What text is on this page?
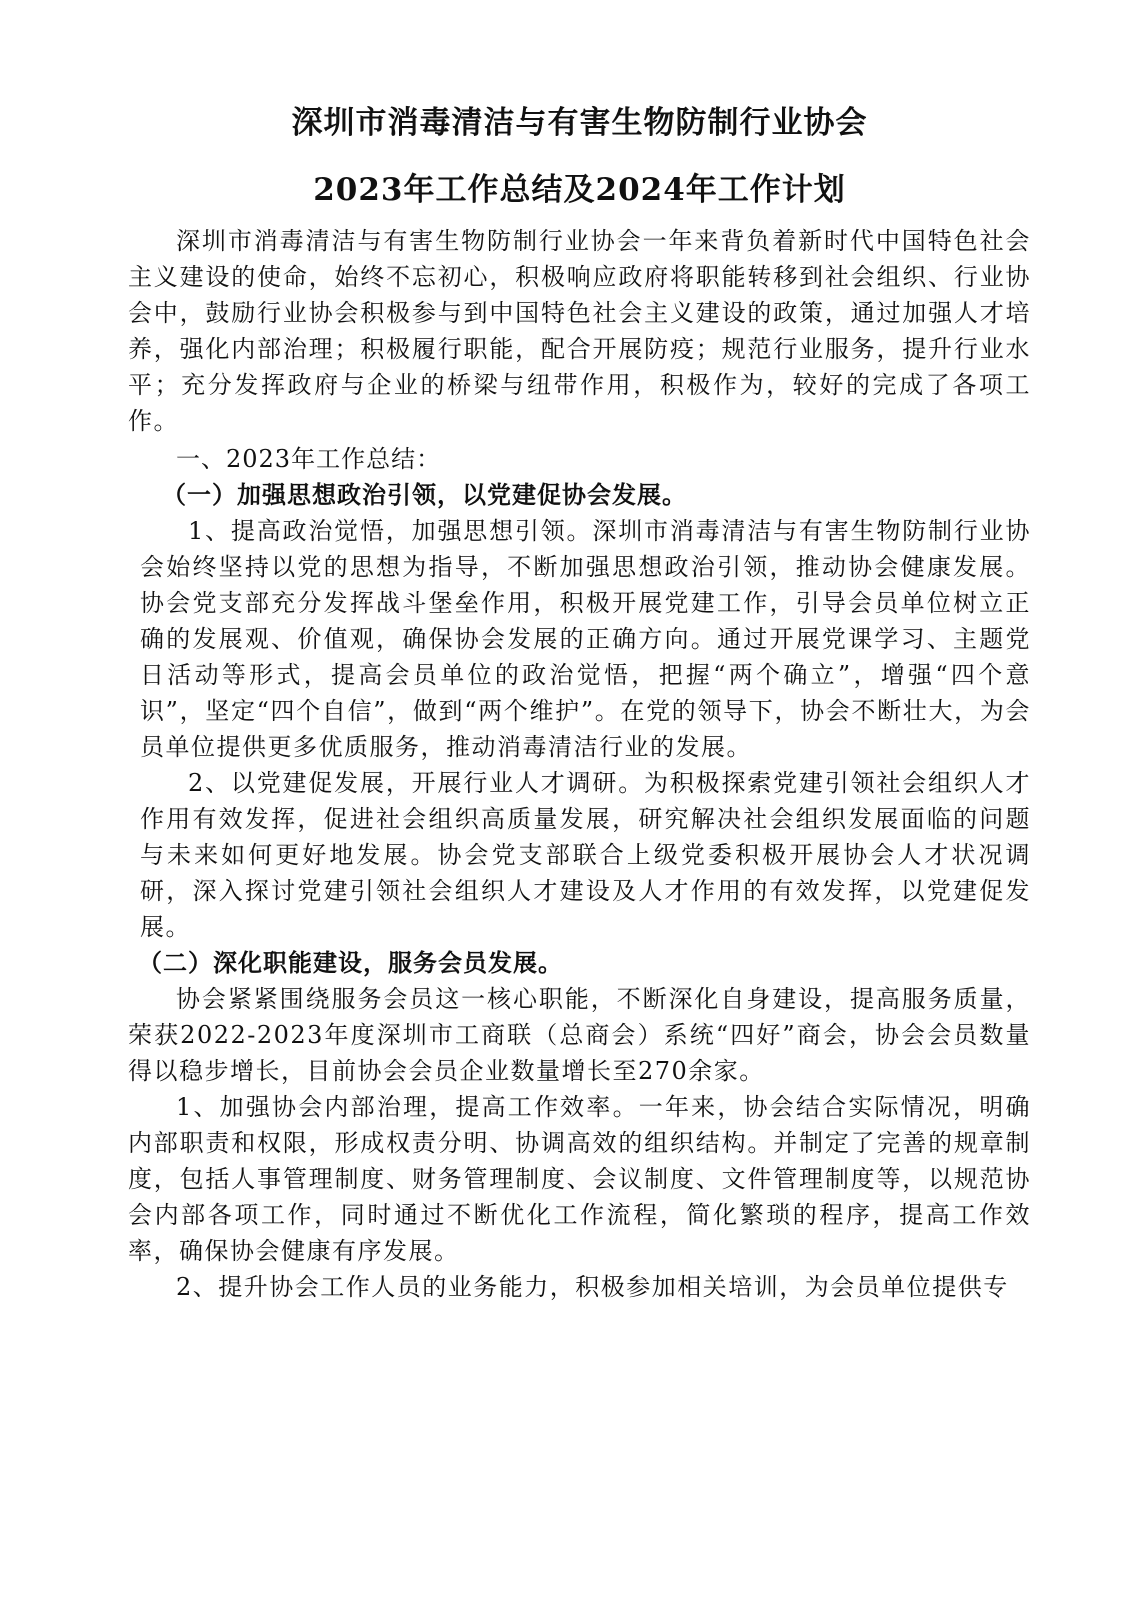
深圳市消毒清洁与有害生物防制行业协会
2023年工作总结及2024年工作计划

深圳市消毒清洁与有害生物防制行业协会一年来背负着新时代中国特色社会主义建设的使命，始终不忘初心，积极响应政府将职能转移到社会组织、行业协会中，鼓励行业协会积极参与到中国特色社会主义建设的政策，通过加强人才培养，强化内部治理；积极履行职能，配合开展防疫；规范行业服务，提升行业水平；充分发挥政府与企业的桥梁与纽带作用，积极作为，较好的完成了各项工作。

一、2023年工作总结：

（一）加强思想政治引领，以党建促协会发展。

1、提高政治觉悟，加强思想引领。深圳市消毒清洁与有害生物防制行业协会始终坚持以党的思想为指导，不断加强思想政治引领，推动协会健康发展。协会党支部充分发挥战斗堡垒作用，积极开展党建工作，引导会员单位树立正确的发展观、价值观，确保协会发展的正确方向。通过开展党课学习、主题党日活动等形式，提高会员单位的政治觉悟，把握“两个确立”，增强“四个意识”，坚定“四个自信”，做到“两个维护”。在党的领导下，协会不断壮大，为会员单位提供更多优质服务，推动消毒清洁行业的发展。

2、以党建促发展，开展行业人才调研。为积极探索党建引领社会组织人才作用有效发挥，促进社会组织高质量发展，研究解决社会组织发展面临的问题与未来如何更好地发展。协会党支部联合上级党委积极开展协会人才状况调研，深入探讨党建引领社会组织人才建设及人才作用的有效发挥，以党建促发展。

（二）深化职能建设，服务会员发展。

协会紧紧围绕服务会员这一核心职能，不断深化自身建设，提高服务质量，荣获2022-2023年度深圳市工商联（总商会）系统“四好”商会，协会会员数量得以稳步增长，目前协会会员企业数量增长至270余家。

1、加强协会内部治理，提高工作效率。一年来，协会结合实际情况，明确内部职责和权限，形成权责分明、协调高效的组织结构。并制定了完善的规章制度，包括人事管理制度、财务管理制度、会议制度、文件管理制度等，以规范协会内部各项工作，同时通过不断优化工作流程，简化繁琐的程序，提高工作效率，确保协会健康有序发展。

2、提升协会工作人员的业务能力，积极参加相关培训，为会员单位提供专
